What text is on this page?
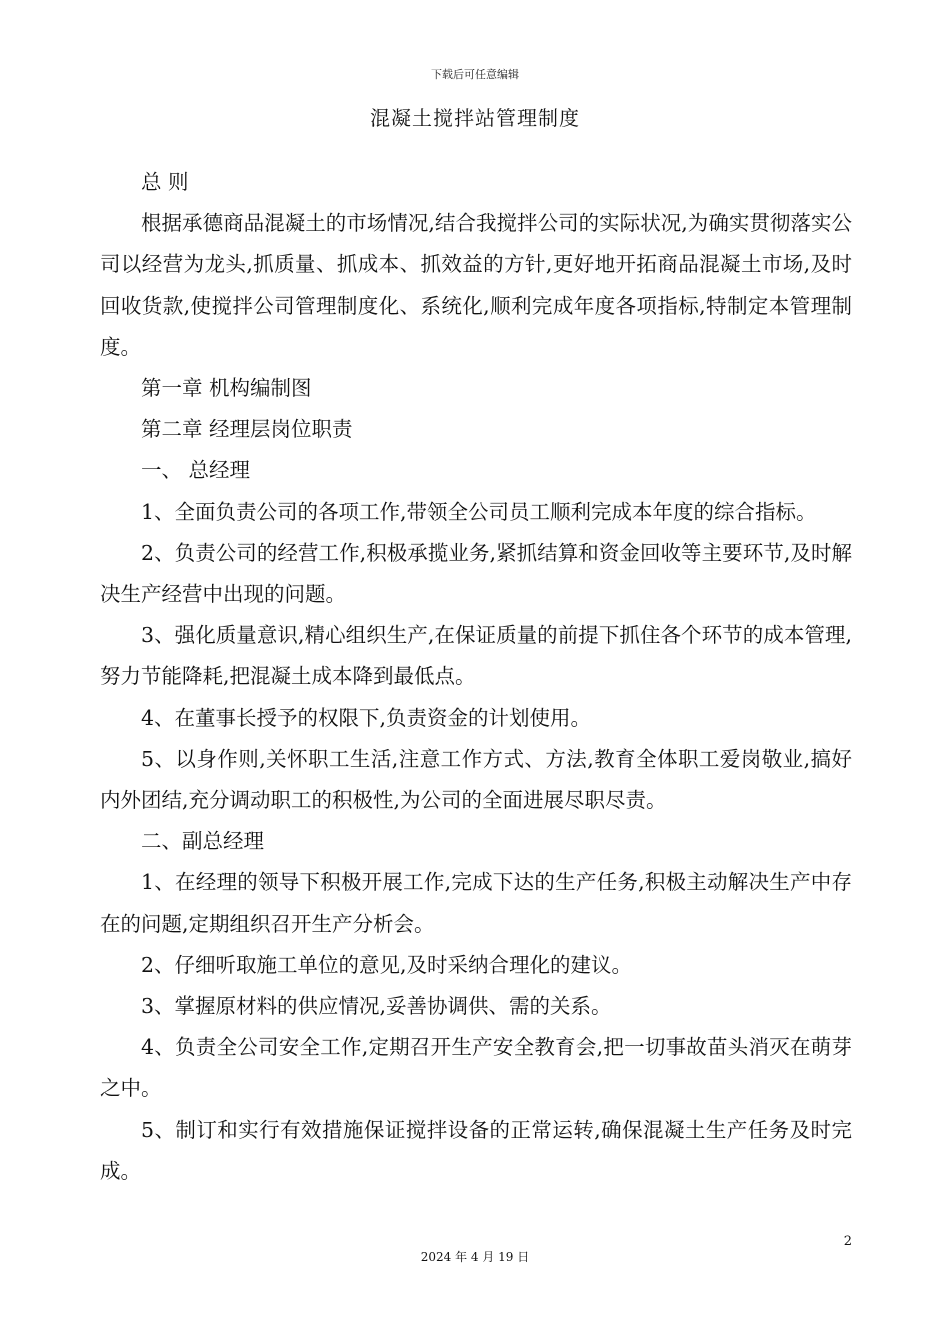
下载后可任意编辑
混凝土搅拌站管理制度

总 则

根据承德商品混凝土的市场情况,结合我搅拌公司的实际状况,为确实贯彻落实公司以经营为龙头,抓质量、抓成本、抓效益的方针,更好地开拓商品混凝土市场,及时回收货款,使搅拌公司管理制度化、系统化,顺利完成年度各项指标,特制定本管理制度。

第一章 机构编制图

第二章 经理层岗位职责

一、 总经理

1、全面负责公司的各项工作,带领全公司员工顺利完成本年度的综合指标。

2、负责公司的经营工作,积极承揽业务,紧抓结算和资金回收等主要环节,及时解决生产经营中出现的问题。

3、强化质量意识,精心组织生产,在保证质量的前提下抓住各个环节的成本管理,努力节能降耗,把混凝土成本降到最低点。

4、在董事长授予的权限下,负责资金的计划使用。

5、以身作则,关怀职工生活,注意工作方式、方法,教育全体职工爱岗敬业,搞好内外团结,充分调动职工的积极性,为公司的全面进展尽职尽责。

二、副总经理

1、在经理的领导下积极开展工作,完成下达的生产任务,积极主动解决生产中存在的问题,定期组织召开生产分析会。

2、仔细听取施工单位的意见,及时采纳合理化的建议。

3、掌握原材料的供应情况,妥善协调供、需的关系。

4、负责全公司安全工作,定期召开生产安全教育会,把一切事故苗头消灭在萌芽之中。

5、制订和实行有效措施保证搅拌设备的正常运转,确保混凝土生产任务及时完成。

2
2024 年 4 月 19 日
